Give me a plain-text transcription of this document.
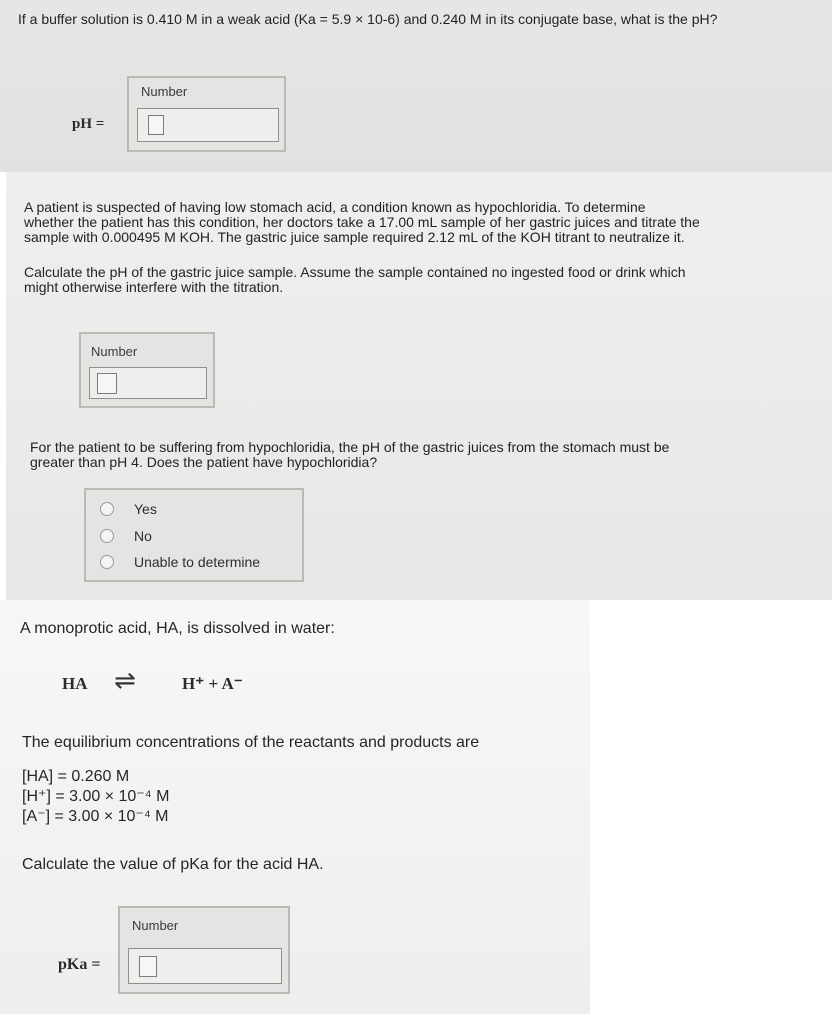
If a buffer solution is 0.410 M in a weak acid (Ka = 5.9 × 10-6) and 0.240 M in its conjugate base, what is the pH?
Number
pH =
A patient is suspected of having low stomach acid, a condition known as hypochloridia. To determine
whether the patient has this condition, her doctors take a 17.00 mL sample of her gastric juices and titrate the
sample with 0.000495 M KOH. The gastric juice sample required 2.12 mL of the KOH titrant to neutralize it.
Calculate the pH of the gastric juice sample. Assume the sample contained no ingested food or drink which
might otherwise interfere with the titration.
Number
For the patient to be suffering from hypochloridia, the pH of the gastric juices from the stomach must be
greater than pH 4. Does the patient have hypochloridia?
Yes
No
Unable to determine
A monoprotic acid, HA, is dissolved in water:
HA ⇌	H⁺ + A⁻
The equilibrium concentrations of the reactants and products are
[HA] = 0.260 M
[H⁺] = 3.00 × 10⁻⁴ M
[A⁻] = 3.00 × 10⁻⁴ M
Calculate the value of pKa for the acid HA.
Number
pKa =
